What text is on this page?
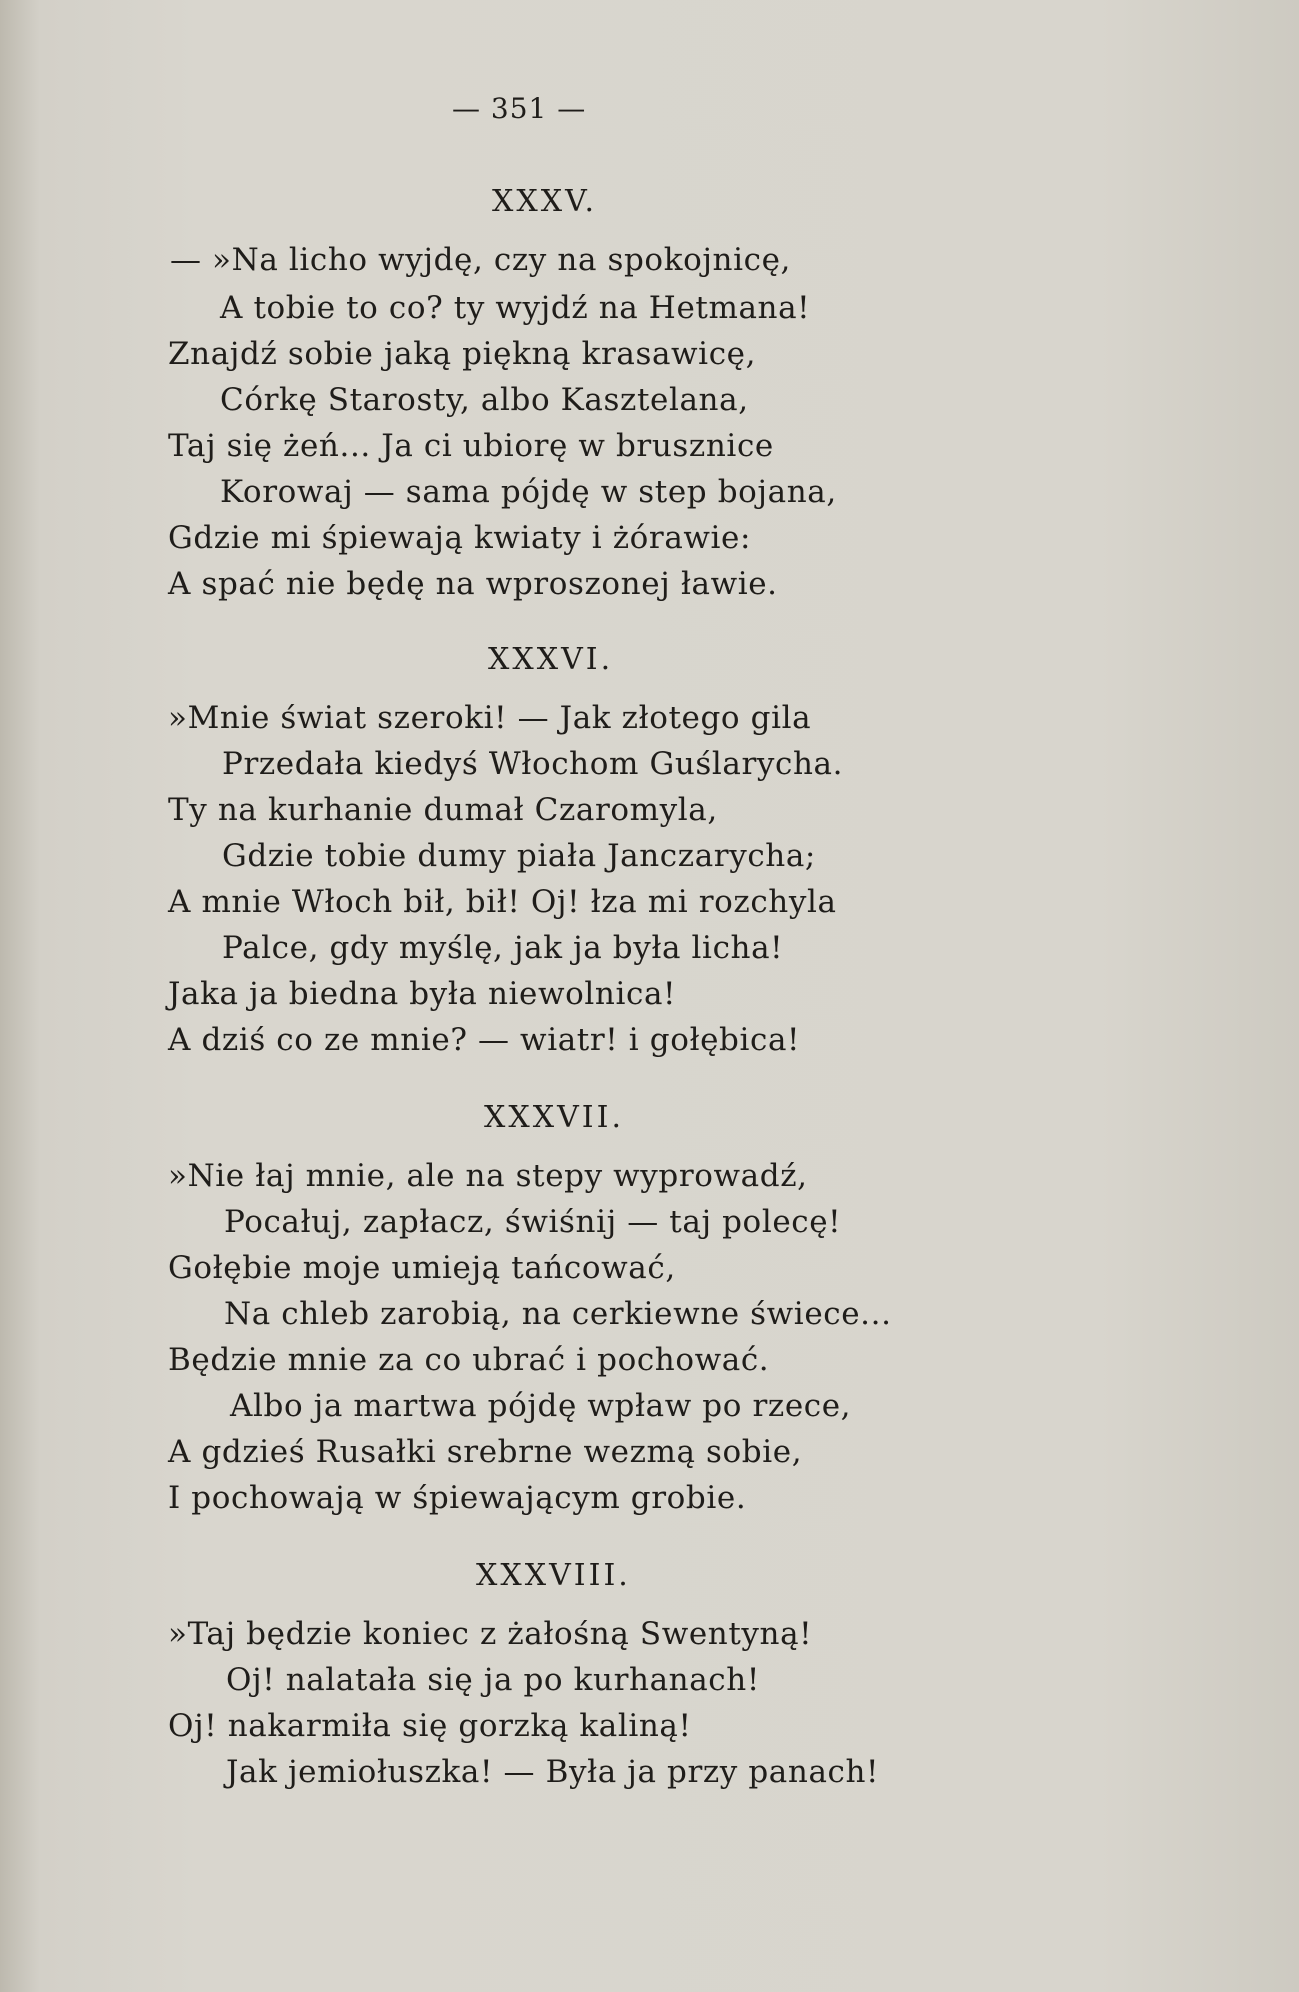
— 351 —
XXXV.
— »Na licho wyjdę, czy na spokojnicę,
A tobie to co? ty wyjdź na Hetmana!
Znajdź sobie jaką piękną krasawicę,
Córkę Starosty, albo Kasztelana,
Taj się żeń... Ja ci ubiorę w brusznice
Korowaj — sama pójdę w step bojana,
Gdzie mi śpiewają kwiaty i żórawie:
A spać nie będę na wproszonej ławie.
XXXVI.
»Mnie świat szeroki! — Jak złotego gila
Przedała kiedyś Włochom Guślarycha.
Ty na kurhanie dumał Czaromyla,
Gdzie tobie dumy piała Janczarycha;
A mnie Włoch bił, bił! Oj! łza mi rozchyla
Palce, gdy myślę, jak ja była licha!
Jaka ja biedna była niewolnica!
A dziś co ze mnie? — wiatr! i gołębica!
XXXVII.
»Nie łaj mnie, ale na stepy wyprowadź,
Pocałuj, zapłacz, świśnij — taj polecę!
Gołębie moje umieją tańcować,
Na chleb zarobią, na cerkiewne świece...
Będzie mnie za co ubrać i pochować.
Albo ja martwa pójdę wpław po rzece,
A gdzieś Rusałki srebrne wezmą sobie,
I pochowają w śpiewającym grobie.
XXXVIII.
»Taj będzie koniec z żałośną Swentyną!
Oj! nalatała się ja po kurhanach!
Oj! nakarmiła się gorzką kaliną!
Jak jemiołuszka! — Była ja przy panach!
